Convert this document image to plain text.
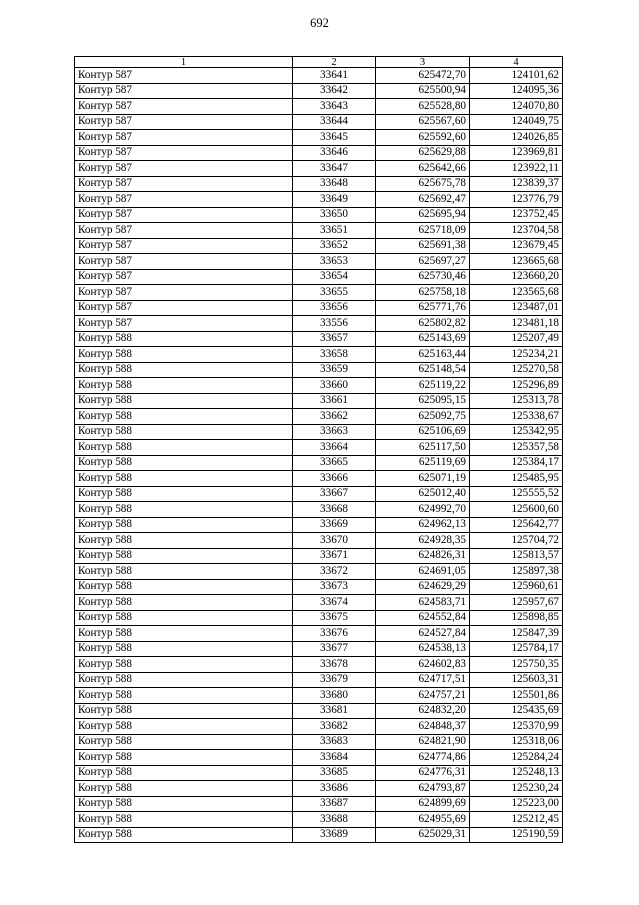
692
1	2	3	4
Контур 587	33641	625472,70	124101,62
Контур 587	33642	625500,94	124095,36
Контур 587	33643	625528,80	124070,80
Контур 587	33644	625567,60	124049,75
Контур 587	33645	625592,60	124026,85
Контур 587	33646	625629,88	123969,81
Контур 587	33647	625642,66	123922,11
Контур 587	33648	625675,78	123839,37
Контур 587	33649	625692,47	123776,79
Контур 587	33650	625695,94	123752,45
Контур 587	33651	625718,09	123704,58
Контур 587	33652	625691,38	123679,45
Контур 587	33653	625697,27	123665,68
Контур 587	33654	625730,46	123660,20
Контур 587	33655	625758,18	123565,68
Контур 587	33656	625771,76	123487,01
Контур 587	33556	625802,82	123481,18
Контур 588	33657	625143,69	125207,49
Контур 588	33658	625163,44	125234,21
Контур 588	33659	625148,54	125270,58
Контур 588	33660	625119,22	125296,89
Контур 588	33661	625095,15	125313,78
Контур 588	33662	625092,75	125338,67
Контур 588	33663	625106,69	125342,95
Контур 588	33664	625117,50	125357,58
Контур 588	33665	625119,69	125384,17
Контур 588	33666	625071,19	125485,95
Контур 588	33667	625012,40	125555,52
Контур 588	33668	624992,70	125600,60
Контур 588	33669	624962,13	125642,77
Контур 588	33670	624928,35	125704,72
Контур 588	33671	624826,31	125813,57
Контур 588	33672	624691,05	125897,38
Контур 588	33673	624629,29	125960,61
Контур 588	33674	624583,71	125957,67
Контур 588	33675	624552,84	125898,85
Контур 588	33676	624527,84	125847,39
Контур 588	33677	624538,13	125784,17
Контур 588	33678	624602,83	125750,35
Контур 588	33679	624717,51	125603,31
Контур 588	33680	624757,21	125501,86
Контур 588	33681	624832,20	125435,69
Контур 588	33682	624848,37	125370,99
Контур 588	33683	624821,90	125318,06
Контур 588	33684	624774,86	125284,24
Контур 588	33685	624776,31	125248,13
Контур 588	33686	624793,87	125230,24
Контур 588	33687	624899,69	125223,00
Контур 588	33688	624955,69	125212,45
Контур 588	33689	625029,31	125190,59
